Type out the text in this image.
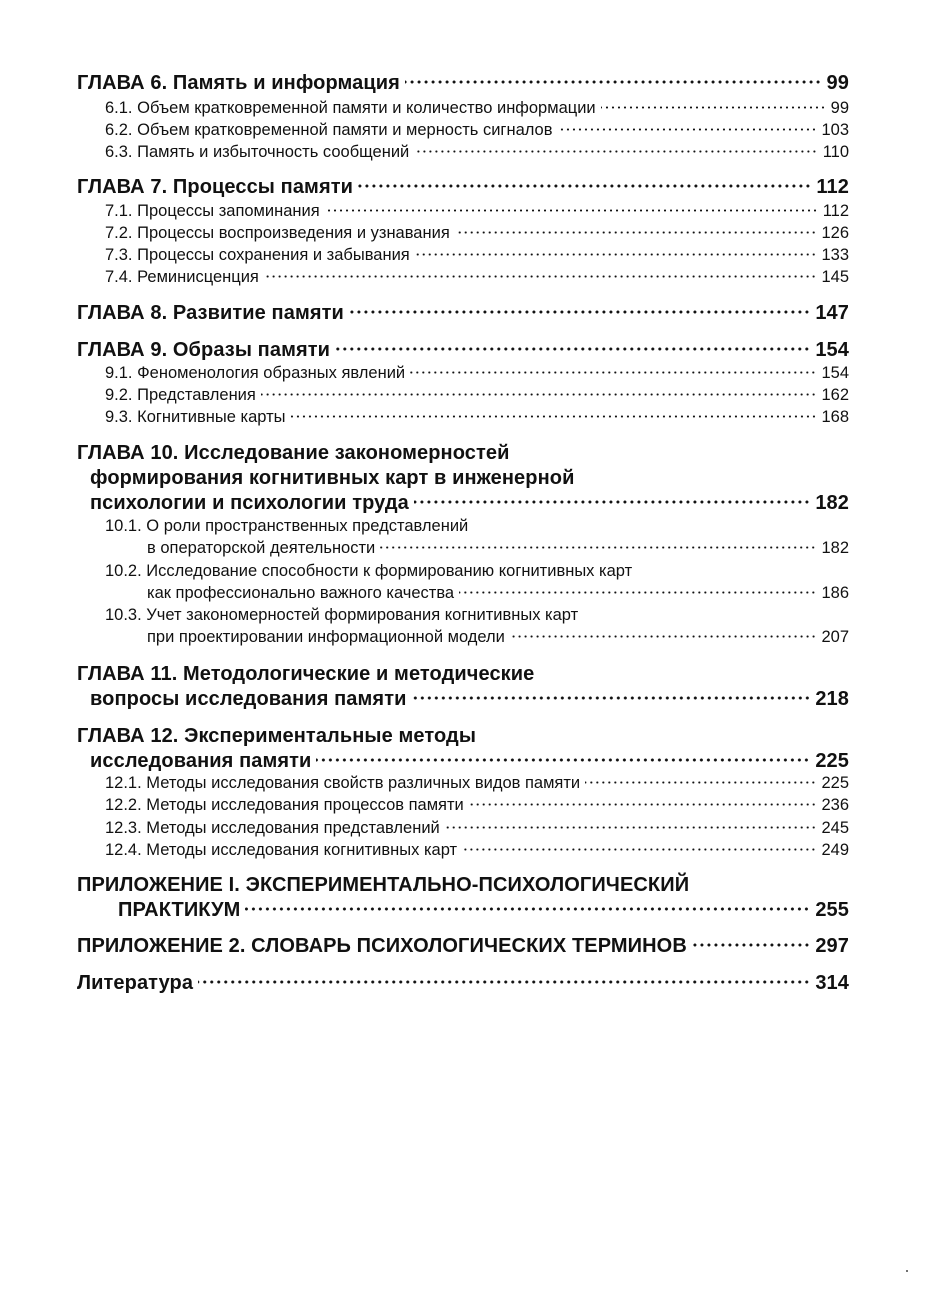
ГЛАВА 6. Память и информация	99
6.1. Объем кратковременной памяти и количество информации	99
6.2. Объем кратковременной памяти и мерность сигналов	103
6.3. Память и избыточность сообщений	110
ГЛАВА 7. Процессы памяти	112
7.1. Процессы запоминания	112
7.2. Процессы воспроизведения и узнавания	126
7.3. Процессы сохранения и забывания	133
7.4. Реминисценция	145
ГЛАВА 8. Развитие памяти	147
ГЛАВА 9. Образы памяти	154
9.1. Феноменология образных явлений	154
9.2. Представления	162
9.3. Когнитивные карты	168
ГЛАВА 10. Исследование закономерностей
формирования когнитивных карт в инженерной
психологии и психологии труда	182
10.1. О роли пространственных представлений
в операторской деятельности	182
10.2. Исследование способности к формированию когнитивных карт
как профессионально важного качества	186
10.3. Учет закономерностей формирования когнитивных карт
при проектировании информационной модели	207
ГЛАВА 11. Методологические и методические
вопросы исследования памяти	218
ГЛАВА 12. Экспериментальные методы
исследования памяти	225
12.1. Методы исследования свойств различных видов памяти	225
12.2. Методы исследования процессов памяти	236
12.3. Методы исследования представлений	245
12.4. Методы исследования когнитивных карт	249
ПРИЛОЖЕНИЕ I. ЭКСПЕРИМЕНТАЛЬНО-ПСИХОЛОГИЧЕСКИЙ
ПРАКТИКУМ	255
ПРИЛОЖЕНИЕ 2. СЛОВАРЬ ПСИХОЛОГИЧЕСКИХ ТЕРМИНОВ	297
Литература	314
